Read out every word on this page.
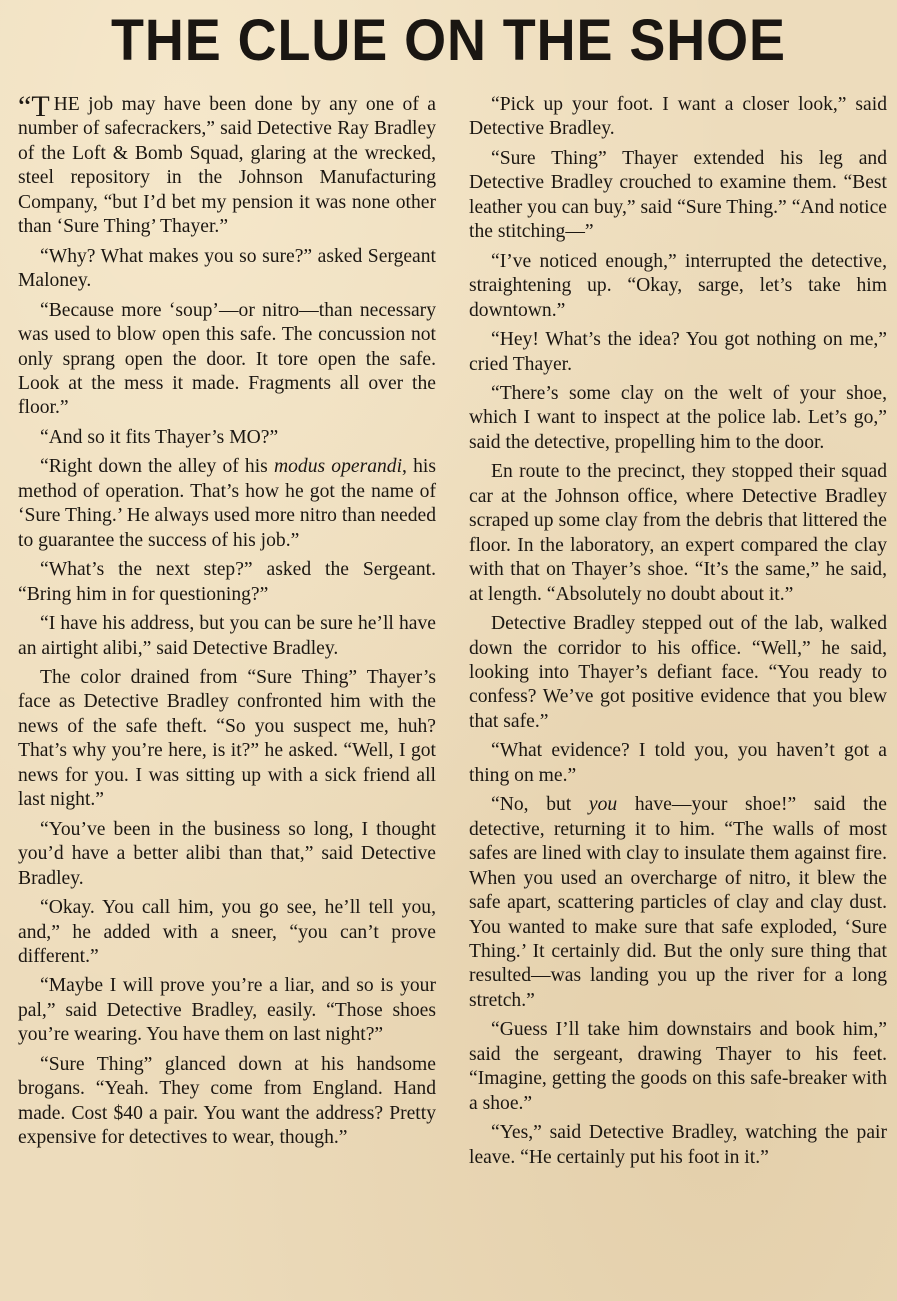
THE CLUE ON THE SHOE

“THE job may have been done by any one of a number of safecrackers,” said Detective Ray Bradley of the Loft & Bomb Squad, glaring at the wrecked, steel repository in the Johnson Manufacturing Company, “but I’d bet my pension it was none other than ‘Sure Thing’ Thayer.”

“Why? What makes you so sure?” asked Sergeant Maloney.

“Because more ‘soup’—or nitro—than necessary was used to blow open this safe. The concussion not only sprang open the door. It tore open the safe. Look at the mess it made. Fragments all over the floor.”

“And so it fits Thayer’s MO?”

“Right down the alley of his modus operandi, his method of operation. That’s how he got the name of ‘Sure Thing.’ He always used more nitro than needed to guarantee the success of his job.”

“What’s the next step?” asked the Sergeant. “Bring him in for questioning?”

“I have his address, but you can be sure he’ll have an airtight alibi,” said Detective Bradley.

The color drained from “Sure Thing” Thayer’s face as Detective Bradley confronted him with the news of the safe theft. “So you suspect me, huh? That’s why you’re here, is it?” he asked. “Well, I got news for you. I was sitting up with a sick friend all last night.”

“You’ve been in the business so long, I thought you’d have a better alibi than that,” said Detective Bradley.

“Okay. You call him, you go see, he’ll tell you, and,” he added with a sneer, “you can’t prove different.”

“Maybe I will prove you’re a liar, and so is your pal,” said Detective Bradley, easily. “Those shoes you’re wearing. You have them on last night?”

“Sure Thing” glanced down at his handsome brogans. “Yeah. They come from England. Hand made. Cost $40 a pair. You want the address? Pretty expensive for detectives to wear, though.”

“Pick up your foot. I want a closer look,” said Detective Bradley.

“Sure Thing” Thayer extended his leg and Detective Bradley crouched to examine them. “Best leather you can buy,” said “Sure Thing.” “And notice the stitching—”

“I’ve noticed enough,” interrupted the detective, straightening up. “Okay, sarge, let’s take him downtown.”

“Hey! What’s the idea? You got nothing on me,” cried Thayer.

“There’s some clay on the welt of your shoe, which I want to inspect at the police lab. Let’s go,” said the detective, propelling him to the door.

En route to the precinct, they stopped their squad car at the Johnson office, where Detective Bradley scraped up some clay from the debris that littered the floor. In the laboratory, an expert compared the clay with that on Thayer’s shoe. “It’s the same,” he said, at length. “Absolutely no doubt about it.”

Detective Bradley stepped out of the lab, walked down the corridor to his office. “Well,” he said, looking into Thayer’s defiant face. “You ready to confess? We’ve got positive evidence that you blew that safe.”

“What evidence? I told you, you haven’t got a thing on me.”

“No, but you have—your shoe!” said the detective, returning it to him. “The walls of most safes are lined with clay to insulate them against fire. When you used an overcharge of nitro, it blew the safe apart, scattering particles of clay and clay dust. You wanted to make sure that safe exploded, ‘Sure Thing.’ It certainly did. But the only sure thing that resulted—was landing you up the river for a long stretch.”

“Guess I’ll take him downstairs and book him,” said the sergeant, drawing Thayer to his feet. “Imagine, getting the goods on this safe-breaker with a shoe.”

“Yes,” said Detective Bradley, watching the pair leave. “He certainly put his foot in it.”
